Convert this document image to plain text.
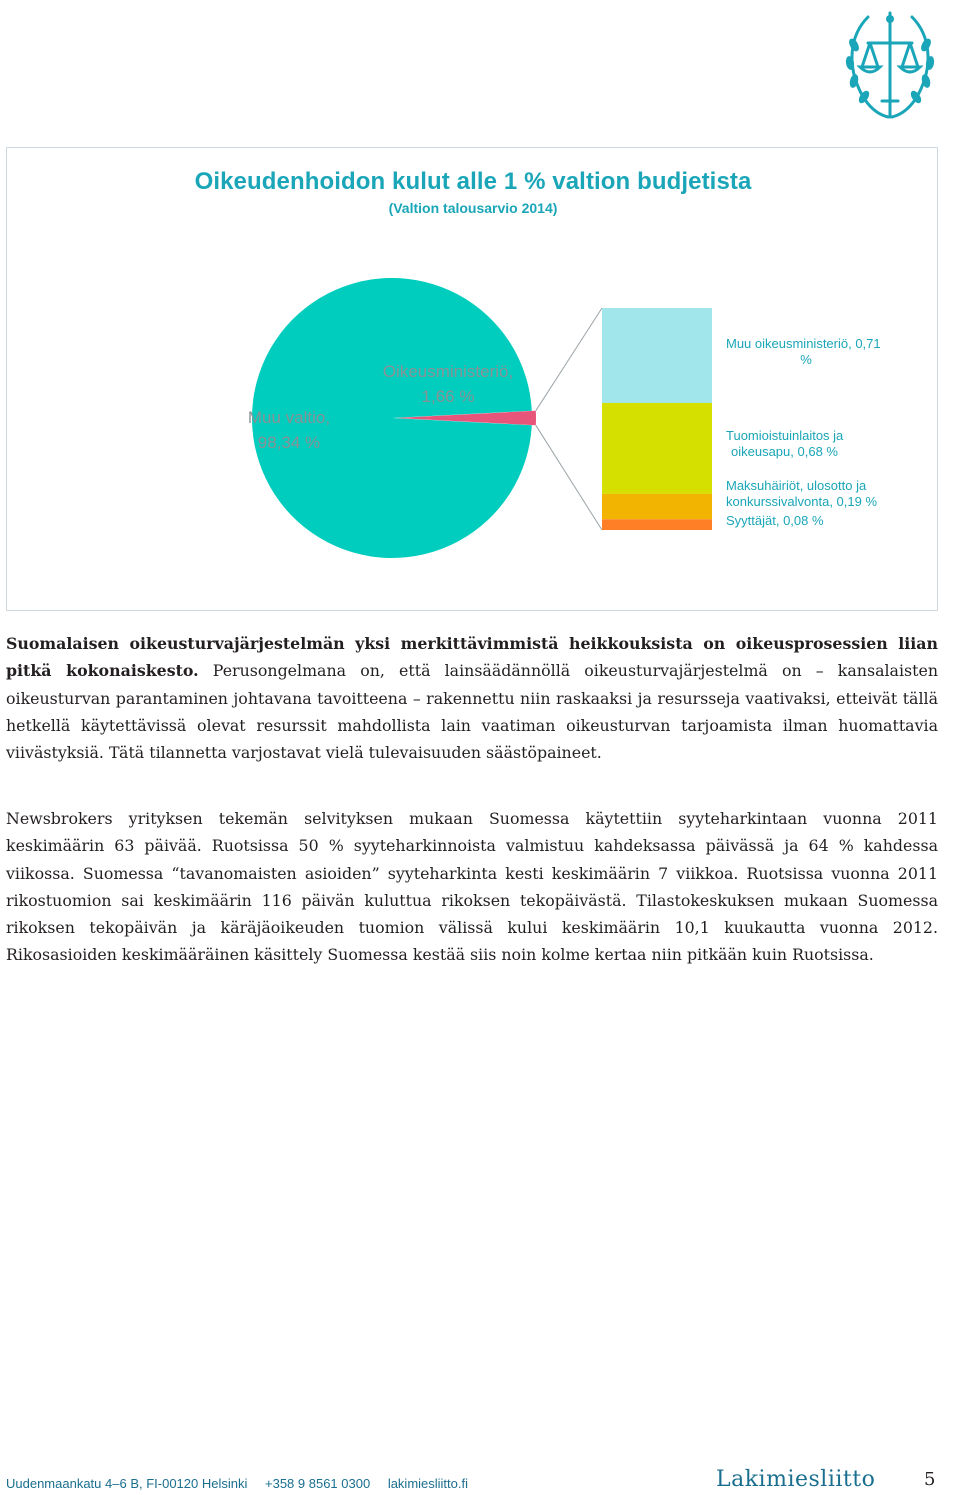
Oikeudenhoidon kulut alle 1 % valtion budjetista
(Valtion talousarvio 2014)
Muu valtio,
98,34 %
Oikeusministeriö,
1,66 %
Muu oikeusministeriö, 0,71
%
Tuomioistuinlaitos ja
oikeusapu, 0,68 %
Maksuhäiriöt, ulosotto ja
konkurssivalvonta, 0,19 %
Syyttäjät, 0,08 %

Suomalaisen oikeusturvajärjestelmän yksi merkittävimmistä heikkouksista on oikeusprosessien liian pitkä kokonaiskesto. Perusongelmana on, että lainsäädännöllä oikeusturvajärjestelmä on – kansalaisten oikeusturvan parantaminen johtavana tavoitteena – rakennettu niin raskaaksi ja resursseja vaativaksi, etteivät tällä hetkellä käytettävissä olevat resurssit mahdollista lain vaatiman oikeusturvan tarjoamista ilman huomattavia viivästyksiä. Tätä tilannetta varjostavat vielä tulevaisuuden säästöpaineet.

Newsbrokers yrityksen tekemän selvityksen mukaan Suomessa käytettiin syyteharkintaan vuonna 2011 keskimäärin 63 päivää. Ruotsissa 50 % syyteharkinnoista valmistuu kahdeksassa päivässä ja 64 % kahdessa viikossa. Suomessa “tavanomaisten asioiden” syyteharkinta kesti keskimäärin 7 viikkoa. Ruotsissa vuonna 2011 rikostuomion sai keskimäärin 116 päivän kuluttua rikoksen tekopäivästä. Tilastokeskuksen mukaan Suomessa rikoksen tekopäivän ja käräjäoikeuden tuomion välissä kului keskimäärin 10,1 kuukautta vuonna 2012. Rikosasioiden keskimääräinen käsittely Suomessa kestää siis noin kolme kertaa niin pitkään kuin Ruotsissa.

Uudenmaankatu 4–6 B, FI-00120 Helsinki +358 9 8561 0300 lakimiesliitto.fi	Lakimiesliitto	5
